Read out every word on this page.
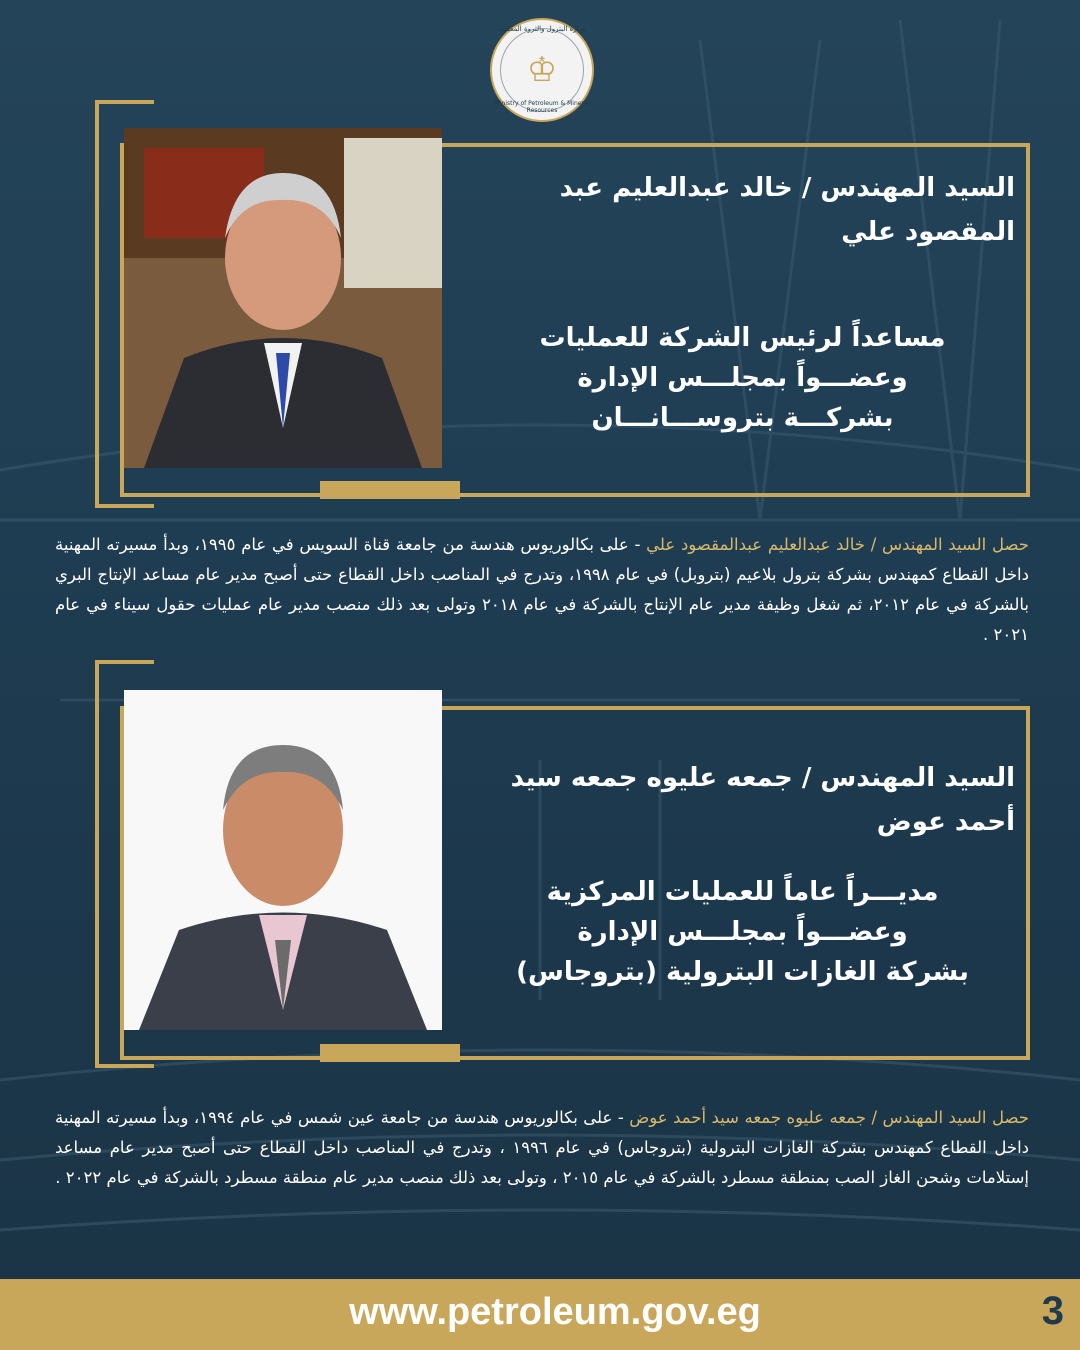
وزارة البترول والثروة المعدنية
Ministry of Petroleum & Mineral Resources
♔
السيد المهندس / خالد عبدالعليم عبد المقصود علي
مساعداً لرئيس الشركة للعمليات
وعضـــواً بمجلـــس الإدارة
بشركـــة بتروســـانـــان
حصل السيد المهندس / خالد عبدالعليم عبدالمقصود علي - على بكالوريوس هندسة من جامعة قناة السويس في عام ١٩٩٥، وبدأ مسيرته المهنية داخل القطاع كمهندس بشركة بترول بلاعيم (بتروبل) في عام ١٩٩٨، وتدرج في المناصب داخل القطاع حتى أصبح مدير عام مساعد الإنتاج البري بالشركة في عام ٢٠١٢، ثم شغل وظيفة مدير عام الإنتاج بالشركة في عام ٢٠١٨ وتولى بعد ذلك منصب مدير عام عمليات حقول سيناء في عام ٢٠٢١ .
السيد المهندس / جمعه عليوه جمعه سيد أحمد عوض
مديـــراً عاماً للعمليات المركزية
وعضـــواً بمجلـــس الإدارة
بشركة الغازات البترولية (بتروجاس)
حصل السيد المهندس / جمعه عليوه جمعه سيد أحمد عوض - على بكالوريوس هندسة من جامعة عين شمس في عام ١٩٩٤، وبدأ مسيرته المهنية داخل القطاع كمهندس بشركة الغازات البترولية (بتروجاس) في عام ١٩٩٦ ، وتدرج في المناصب داخل القطاع حتى أصبح مدير عام مساعد إستلامات وشحن الغاز الصب بمنطقة مسطرد بالشركة في عام ٢٠١٥ ، وتولى بعد ذلك منصب مدير عام منطقة مسطرد بالشركة في عام ٢٠٢٢ .
www.petroleum.gov.eg	3
